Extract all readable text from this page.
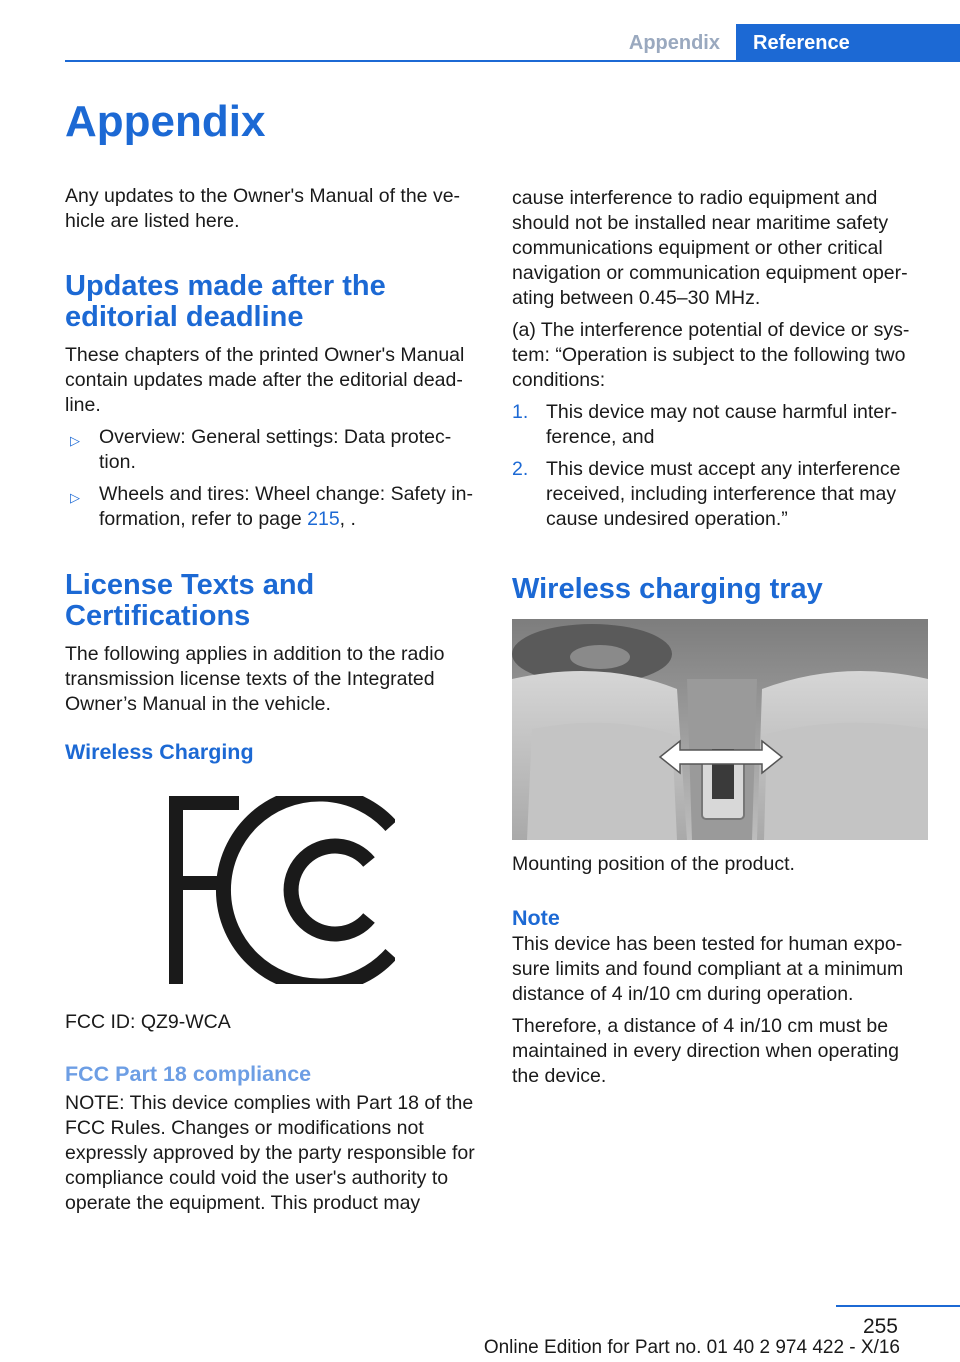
Appendix	Reference
Appendix

Any updates to the Owner's Manual of the ve‐hicle are listed here.

Updates made after the editorial deadline

These chapters of the printed Owner's Manual contain updates made after the editorial dead‐line.

▷ Overview: General settings: Data protec‐tion.
▷ Wheels and tires: Wheel change: Safety in‐formation, refer to page 215, .
License Texts and Certifications

The following applies in addition to the radio transmission license texts of the Integrated Owner’s Manual in the vehicle.

Wireless Charging

FCC ID: QZ9-WCA

FCC Part 18 compliance

NOTE: This device complies with Part 18 of the FCC Rules. Changes or modifications not expressly approved by the party responsible for compliance could void the user's authority to operate the equipment. This product may

cause interference to radio equipment and should not be installed near maritime safety communications equipment or other critical navigation or communication equipment oper‐ating between 0.45–30 MHz.

(a) The interference potential of device or sys‐tem: “Operation is subject to the following two conditions:

1. This device may not cause harmful inter‐ference, and
2. This device must accept any interference received, including interference that may cause undesired operation.”
Wireless charging tray

Mounting position of the product.

Note

This device has been tested for human expo‐sure limits and found compliant at a minimum distance of 4 in/10 cm during operation.

Therefore, a distance of 4 in/10 cm must be maintained in every direction when operating the device.

255
Online Edition for Part no. 01 40 2 974 422 - X/16
